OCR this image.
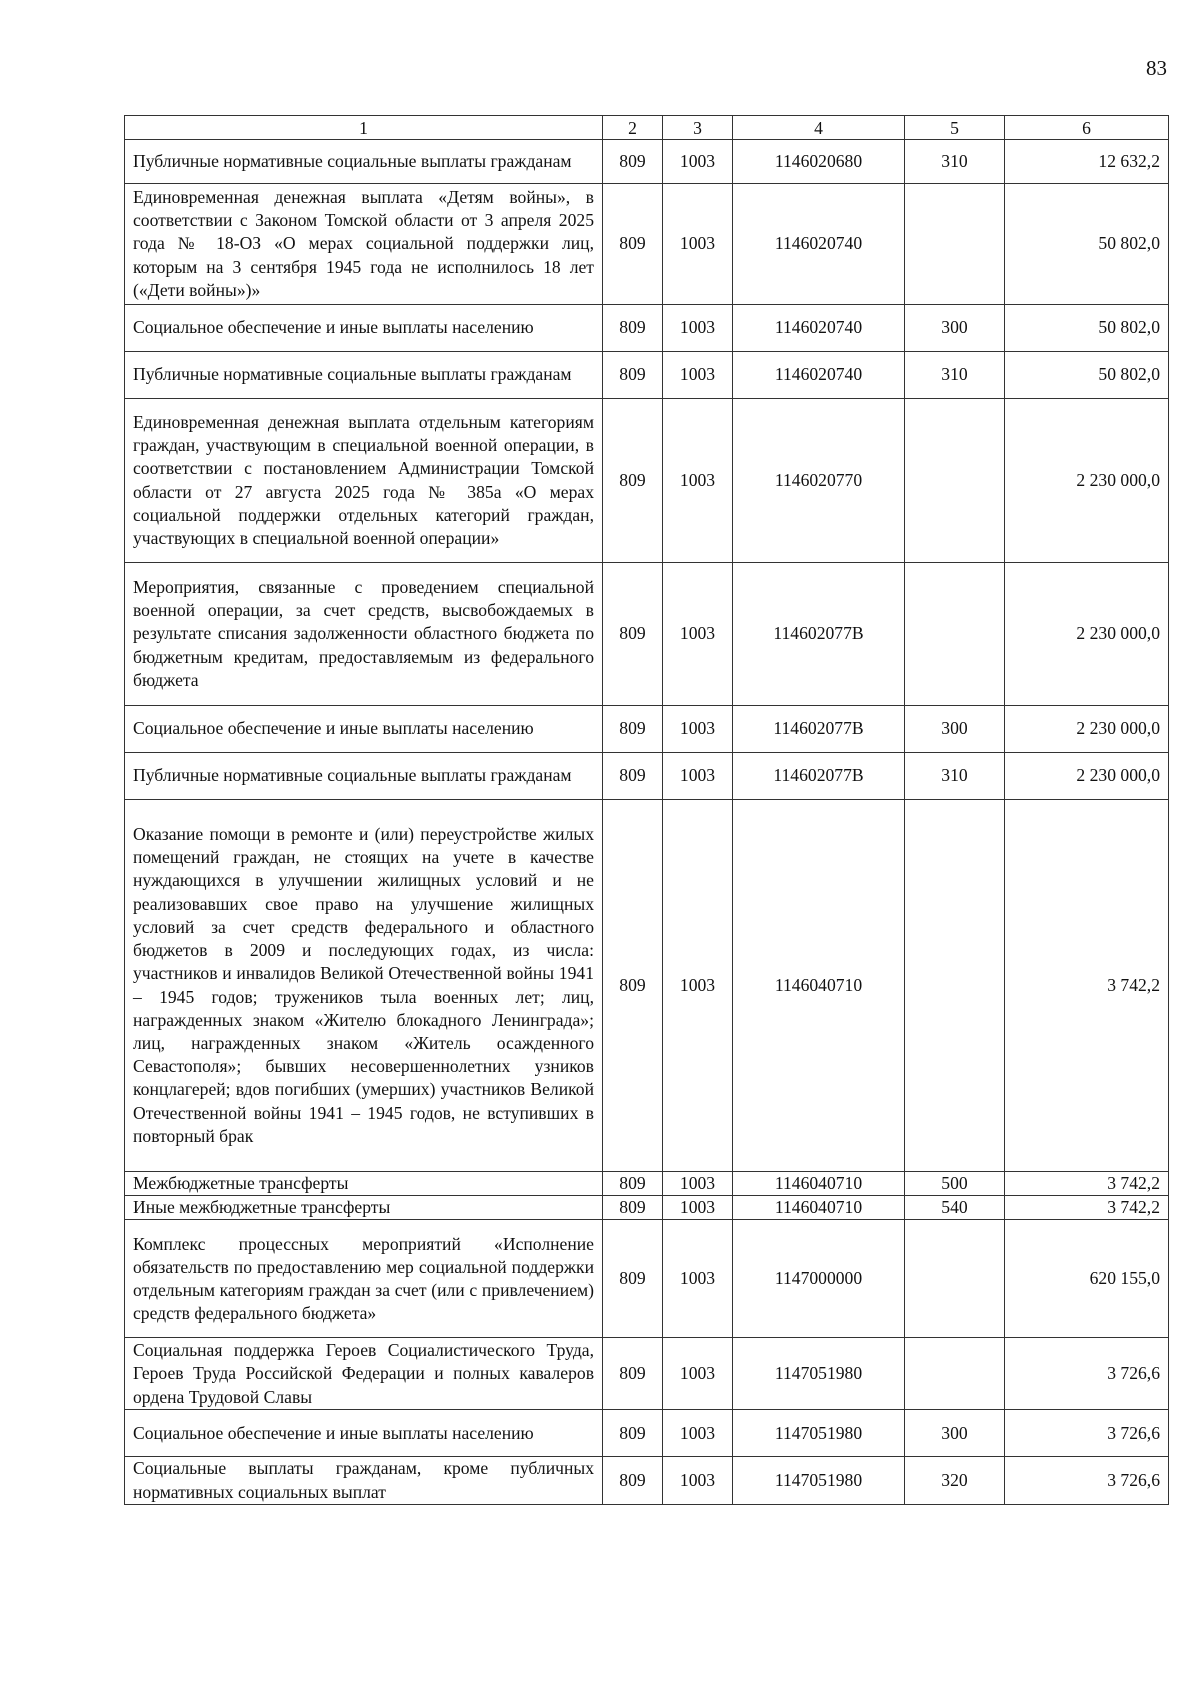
83
1	2	3	4	5	6
Публичные нормативные социальные выплаты гражданам	809	1003	1146020680	310	12 632,2
Единовременная денежная выплата «Детям войны», в соответствии с Законом Томской области от 3 апреля 2025 года № 18-ОЗ «О мерах социальной поддержки лиц, которым на 3 сентября 1945 года не исполнилось 18 лет («Дети войны»)»	809	1003	1146020740		50 802,0
Социальное обеспечение и иные выплаты населению	809	1003	1146020740	300	50 802,0
Публичные нормативные социальные выплаты гражданам	809	1003	1146020740	310	50 802,0
Единовременная денежная выплата отдельным категориям граждан, участвующим в специальной военной операции, в соответствии с постановлением Администрации Томской области от 27 августа 2025 года № 385а «О мерах социальной поддержки отдельных категорий граждан, участвующих в специальной военной операции»	809	1003	1146020770		2 230 000,0
Мероприятия, связанные с проведением специальной военной операции, за счет средств, высвобождаемых в результате списания задолженности областного бюджета по бюджетным кредитам, предоставляемым из федерального бюджета	809	1003	114602077В		2 230 000,0
Социальное обеспечение и иные выплаты населению	809	1003	114602077В	300	2 230 000,0
Публичные нормативные социальные выплаты гражданам	809	1003	114602077В	310	2 230 000,0
Оказание помощи в ремонте и (или) переустройстве жилых помещений граждан, не стоящих на учете в качестве нуждающихся в улучшении жилищных условий и не реализовавших свое право на улучшение жилищных условий за счет средств федерального и областного бюджетов в 2009 и последующих годах, из числа: участников и инвалидов Великой Отечественной войны 1941 – 1945 годов; тружеников тыла военных лет; лиц, награжденных знаком «Жителю блокадного Ленинграда»; лиц, награжденных знаком «Житель осажденного Севастополя»; бывших несовершеннолетних узников концлагерей; вдов погибших (умерших) участников Великой Отечественной войны 1941 – 1945 годов, не вступивших в повторный брак	809	1003	1146040710		3 742,2
Межбюджетные трансферты	809	1003	1146040710	500	3 742,2
Иные межбюджетные трансферты	809	1003	1146040710	540	3 742,2
Комплекс процессных мероприятий «Исполнение обязательств по предоставлению мер социальной поддержки отдельным категориям граждан за счет (или с привлечением) средств федерального бюджета»	809	1003	1147000000		620 155,0
Социальная поддержка Героев Социалистического Труда, Героев Труда Российской Федерации и полных кавалеров ордена Трудовой Славы	809	1003	1147051980		3 726,6
Социальное обеспечение и иные выплаты населению	809	1003	1147051980	300	3 726,6
Социальные выплаты гражданам, кроме публичных нормативных социальных выплат	809	1003	1147051980	320	3 726,6
